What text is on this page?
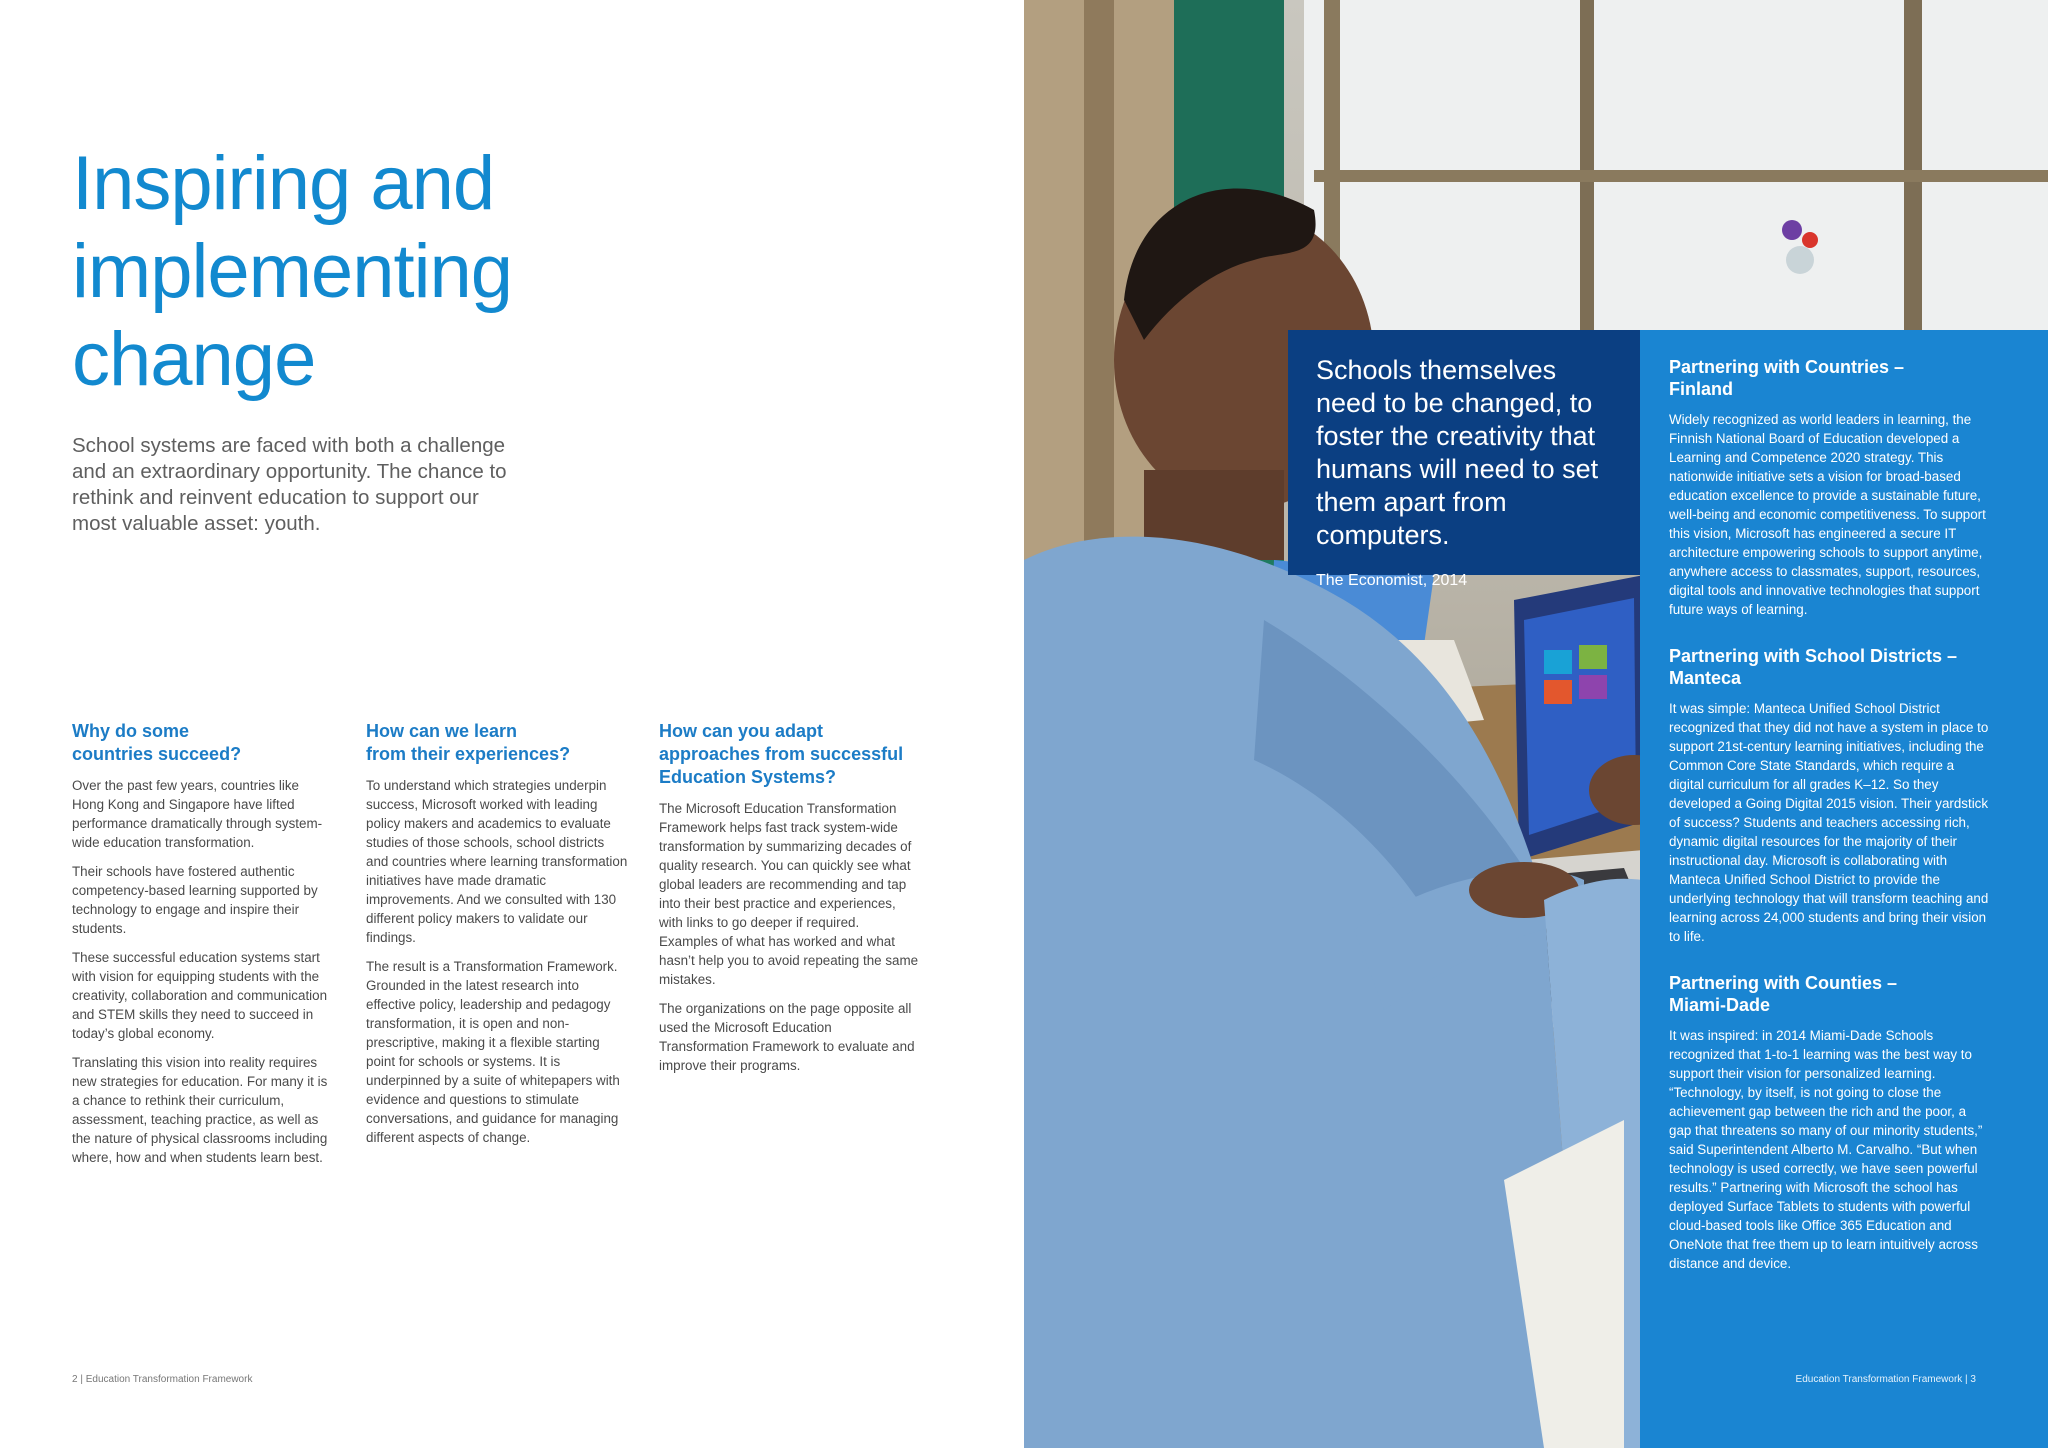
Inspiring and
implementing
change

School systems are faced with both a challenge and an extraordinary opportunity. The chance to rethink and reinvent education to support our most valuable asset: youth.

Why do some
countries succeed?

Over the past few years, countries like Hong Kong and Singapore have lifted performance dramatically through system-wide education transformation.

Their schools have fostered authentic competency-based learning supported by technology to engage and inspire their students.

These successful education systems start with vision for equipping students with the creativity, collaboration and communication and STEM skills they need to succeed in today’s global economy.

Translating this vision into reality requires new strategies for education. For many it is a chance to rethink their curriculum, assessment, teaching practice, as well as the nature of physical classrooms including where, how and when students learn best.

How can we learn
from their experiences?

To understand which strategies underpin success, Microsoft worked with leading policy makers and academics to evaluate studies of those schools, school districts and countries where learning transformation initiatives have made dramatic improvements. And we consulted with 130 different policy makers to validate our findings.

The result is a Transformation Framework. Grounded in the latest research into effective policy, leadership and pedagogy transformation, it is open and non-prescriptive, making it a flexible starting point for schools or systems. It is underpinned by a suite of whitepapers with evidence and questions to stimulate conversations, and guidance for managing different aspects of change.

How can you adapt
approaches from successful
Education Systems?

The Microsoft Education Transformation Framework helps fast track system-wide transformation by summarizing decades of quality research. You can quickly see what global leaders are recommending and tap into their best practice and experiences, with links to go deeper if required. Examples of what has worked and what hasn’t help you to avoid repeating the same mistakes.

The organizations on the page opposite all used the Microsoft Education Transformation Framework to evaluate and improve their programs.

2 | Education Transformation Framework

Schools themselves need to be changed, to foster the creativity that humans will need to set them apart from computers.

The Economist, 2014

Partnering with Countries –
Finland

Widely recognized as world leaders in learning, the Finnish National Board of Education developed a Learning and Competence 2020 strategy. This nationwide initiative sets a vision for broad-based education excellence to provide a sustainable future, well-being and economic competitiveness. To support this vision, Microsoft has engineered a secure IT architecture empowering schools to support anytime, anywhere access to classmates, support, resources, digital tools and innovative technologies that support future ways of learning.

Partnering with School Districts –
Manteca

It was simple: Manteca Unified School District recognized that they did not have a system in place to support 21st-century learning initiatives, including the Common Core State Standards, which require a digital curriculum for all grades K–12. So they developed a Going Digital 2015 vision. Their yardstick of success? Students and teachers accessing rich, dynamic digital resources for the majority of their instructional day. Microsoft is collaborating with Manteca Unified School District to provide the underlying technology that will transform teaching and learning across 24,000 students and bring their vision to life.

Partnering with Counties –
Miami-Dade

It was inspired: in 2014 Miami-Dade Schools recognized that 1-to-1 learning was the best way to support their vision for personalized learning. “Technology, by itself, is not going to close the achievement gap between the rich and the poor, a gap that threatens so many of our minority students,” said Superintendent Alberto M. Carvalho. “But when technology is used correctly, we have seen powerful results.” Partnering with Microsoft the school has deployed Surface Tablets to students with powerful cloud-based tools like Office 365 Education and OneNote that free them up to learn intuitively across distance and device.

Education Transformation Framework | 3
